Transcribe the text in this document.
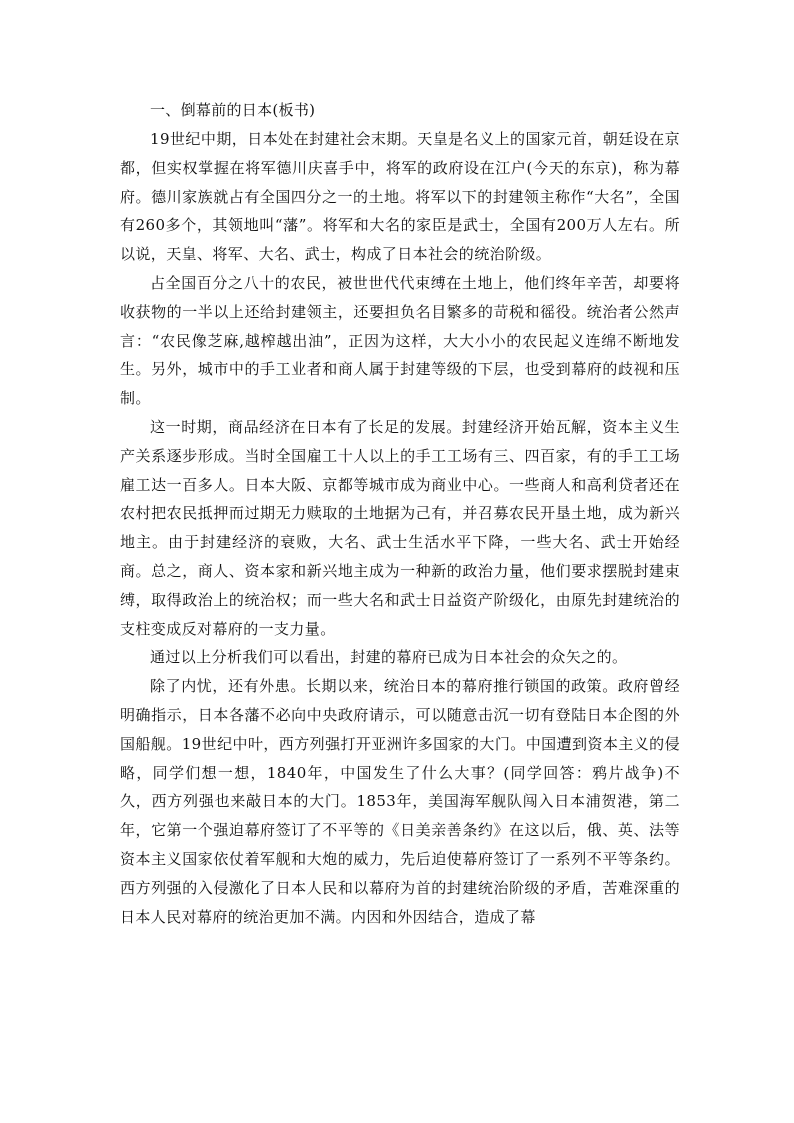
一、倒幕前的日本(板书)

19世纪中期，日本处在封建社会末期。天皇是名义上的国家元首，朝廷设在京都，但实权掌握在将军德川庆喜手中，将军的政府设在江户(今天的东京)，称为幕府。德川家族就占有全国四分之一的土地。将军以下的封建领主称作“大名”，全国有260多个，其领地叫“藩”。将军和大名的家臣是武士，全国有200万人左右。所以说，天皇、将军、大名、武士，构成了日本社会的统治阶级。

占全国百分之八十的农民，被世世代代束缚在土地上，他们终年辛苦，却要将收获物的一半以上还给封建领主，还要担负名目繁多的苛税和徭役。统治者公然声言：“农民像芝麻,越榨越出油”，正因为这样，大大小小的农民起义连绵不断地发生。另外，城市中的手工业者和商人属于封建等级的下层，也受到幕府的歧视和压制。

这一时期，商品经济在日本有了长足的发展。封建经济开始瓦解，资本主义生产关系逐步形成。当时全国雇工十人以上的手工工场有三、四百家，有的手工工场雇工达一百多人。日本大阪、京都等城市成为商业中心。一些商人和高利贷者还在农村把农民抵押而过期无力赎取的土地据为己有，并召募农民开垦土地，成为新兴地主。由于封建经济的衰败，大名、武士生活水平下降，一些大名、武士开始经商。总之，商人、资本家和新兴地主成为一种新的政治力量，他们要求摆脱封建束缚，取得政治上的统治权；而一些大名和武士日益资产阶级化，由原先封建统治的支柱变成反对幕府的一支力量。

通过以上分析我们可以看出，封建的幕府已成为日本社会的众矢之的。

除了内忧，还有外患。长期以来，统治日本的幕府推行锁国的政策。政府曾经明确指示，日本各藩不必向中央政府请示，可以随意击沉一切有登陆日本企图的外国船舰。19世纪中叶，西方列强打开亚洲许多国家的大门。中国遭到资本主义的侵略，同学们想一想，1840年，中国发生了什么大事？(同学回答：鸦片战争)不久，西方列强也来敲日本的大门。1853年，美国海军舰队闯入日本浦贺港，第二年，它第一个强迫幕府签订了不平等的《日美亲善条约》在这以后，俄、英、法等资本主义国家依仗着军舰和大炮的威力，先后迫使幕府签订了一系列不平等条约。西方列强的入侵激化了日本人民和以幕府为首的封建统治阶级的矛盾，苦难深重的日本人民对幕府的统治更加不满。内因和外因结合，造成了幕
